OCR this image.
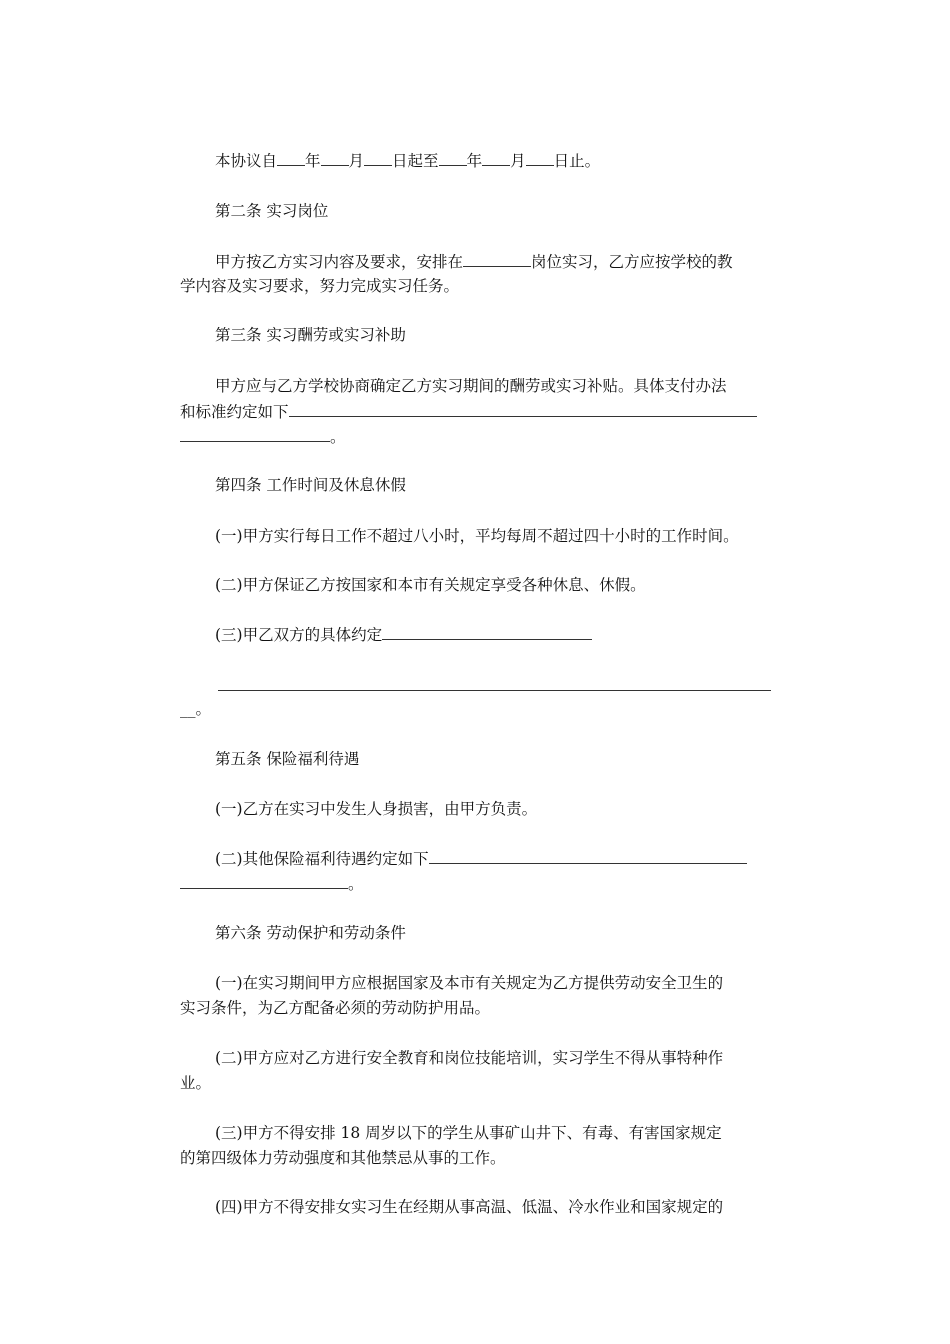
本协议自 年 月 日起至 年 月 日止。
第二条 实习岗位
甲方按乙方实习内容及要求，安排在	岗位实习，乙方应按学校的教
学内容及实习要求，努力完成实习任务。
第三条 实习酬劳或实习补助
甲方应与乙方学校协商确定乙方实习期间的酬劳或实习补贴。具体支付办法
和标准约定如下
。
第四条 工作时间及休息休假
(一)甲方实行每日工作不超过八小时，平均每周不超过四十小时的工作时间。
(二)甲方保证乙方按国家和本市有关规定享受各种休息、休假。
(三)甲乙双方的具体约定
__。
第五条 保险福利待遇
(一)乙方在实习中发生人身损害，由甲方负责。
(二)其他保险福利待遇约定如下
。
第六条 劳动保护和劳动条件
(一)在实习期间甲方应根据国家及本市有关规定为乙方提供劳动安全卫生的
实习条件，为乙方配备必须的劳动防护用品。
(二)甲方应对乙方进行安全教育和岗位技能培训，实习学生不得从事特种作
业。
(三)甲方不得安排 18 周岁以下的学生从事矿山井下、有毒、有害国家规定
的第四级体力劳动强度和其他禁忌从事的工作。
(四)甲方不得安排女实习生在经期从事高温、低温、冷水作业和国家规定的
